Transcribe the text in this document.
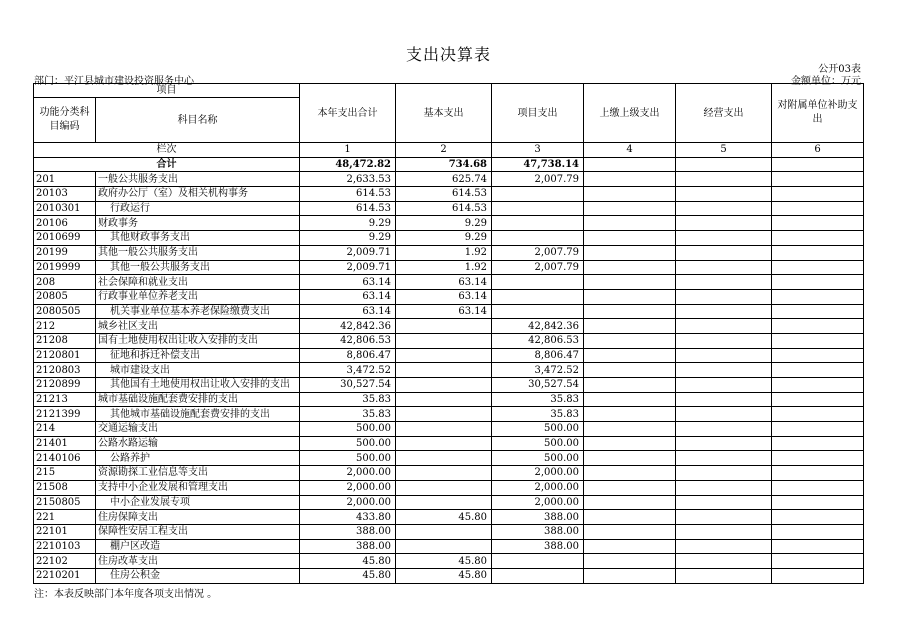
支出决算表
公开03表
部门：平江县城市建设投资服务中心	金额单位：万元
项目		本年支出合计	基本支出	项目支出	上缴上级支出	经营支出	对附属单位补助支出
功能分类科目编码	科目名称						
栏次		1	2	3	4	5	6
合计		48,472.82	734.68	47,738.14			
201	一般公共服务支出	2,633.53	625.74	2,007.79			
20103	政府办公厅（室）及相关机构事务	614.53	614.53				
2010301	行政运行	614.53	614.53				
20106	财政事务	9.29	9.29				
2010699	其他财政事务支出	9.29	9.29				
20199	其他一般公共服务支出	2,009.71	1.92	2,007.79			
2019999	其他一般公共服务支出	2,009.71	1.92	2,007.79			
208	社会保障和就业支出	63.14	63.14				
20805	行政事业单位养老支出	63.14	63.14				
2080505	机关事业单位基本养老保险缴费支出	63.14	63.14				
212	城乡社区支出	42,842.36		42,842.36			
21208	国有土地使用权出让收入安排的支出	42,806.53		42,806.53			
2120801	征地和拆迁补偿支出	8,806.47		8,806.47			
2120803	城市建设支出	3,472.52		3,472.52			
2120899	其他国有土地使用权出让收入安排的支出	30,527.54		30,527.54			
21213	城市基础设施配套费安排的支出	35.83		35.83			
2121399	其他城市基础设施配套费安排的支出	35.83		35.83			
214	交通运输支出	500.00		500.00			
21401	公路水路运输	500.00		500.00			
2140106	公路养护	500.00		500.00			
215	资源勘探工业信息等支出	2,000.00		2,000.00			
21508	支持中小企业发展和管理支出	2,000.00		2,000.00			
2150805	中小企业发展专项	2,000.00		2,000.00			
221	住房保障支出	433.80	45.80	388.00			
22101	保障性安居工程支出	388.00		388.00			
2210103	棚户区改造	388.00		388.00			
22102	住房改革支出	45.80	45.80				
2210201	住房公积金	45.80	45.80				
注：本表反映部门本年度各项支出情况 。
